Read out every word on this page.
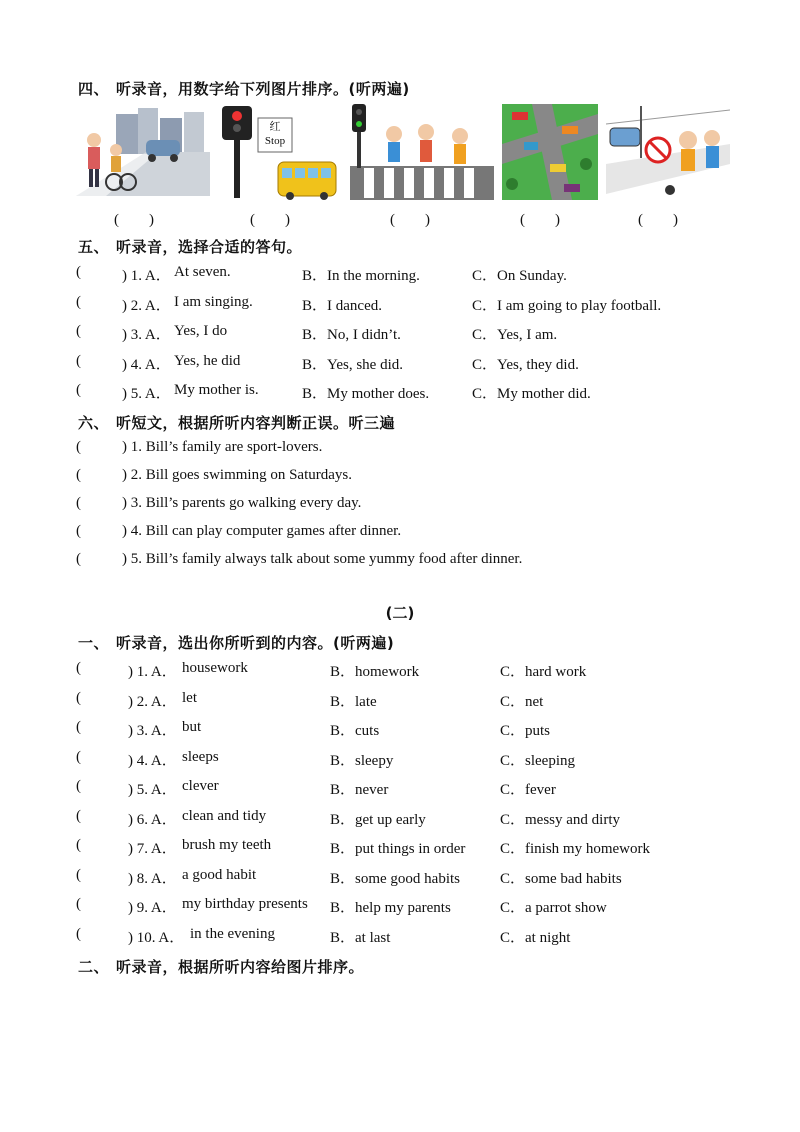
四、 听录音，用数字给下列图片排序。(听两遍)
红
Stop
(　　)	(　　)	(　　)	(　　)	(　　)
五、 听录音，选择合适的答句。
(	) 1. A． At seven.	B．In the morning.	C．On Sunday.
(	) 2. A． I am singing.	B．I danced.	C．I am going to play football.
(	) 3. A． Yes, I do	B．No, I didn’t.	C．Yes, I am.
(	) 4. A． Yes, he did	B．Yes, she did.	C．Yes, they did.
(	) 5. A． My mother is.	B．My mother does.	C．My mother did.
六、 听短文，根据所听内容判断正误。听三遍
(	) 1. Bill’s family are sport-lovers.
(	) 2. Bill goes swimming on Saturdays.
(	) 3. Bill’s parents go walking every day.
(	) 4. Bill can play computer games after dinner.
(	) 5. Bill’s family always talk about some yummy food after dinner.
(二)
一、 听录音，选出你所听到的内容。(听两遍)
(	) 1. A． housework	B．homework	C．hard work
(	) 2. A． let	B．late	C．net
(	) 3. A． but	B．cuts	C．puts
(	) 4. A． sleeps	B．sleepy	C．sleeping
(	) 5. A． clever	B．never	C．fever
(	) 6. A． clean and tidy	B．get up early	C．messy and dirty
(	) 7. A． brush my teeth	B．put things in order C．finish my homework
(	) 8. A． a good habit	B．some good habits	C．some bad habits
(	) 9. A． my birthday presents B．help my parents	C．a parrot show
(	) 10. A． in the evening	B．at last	C．at night
二、 听录音，根据所听内容给图片排序。
